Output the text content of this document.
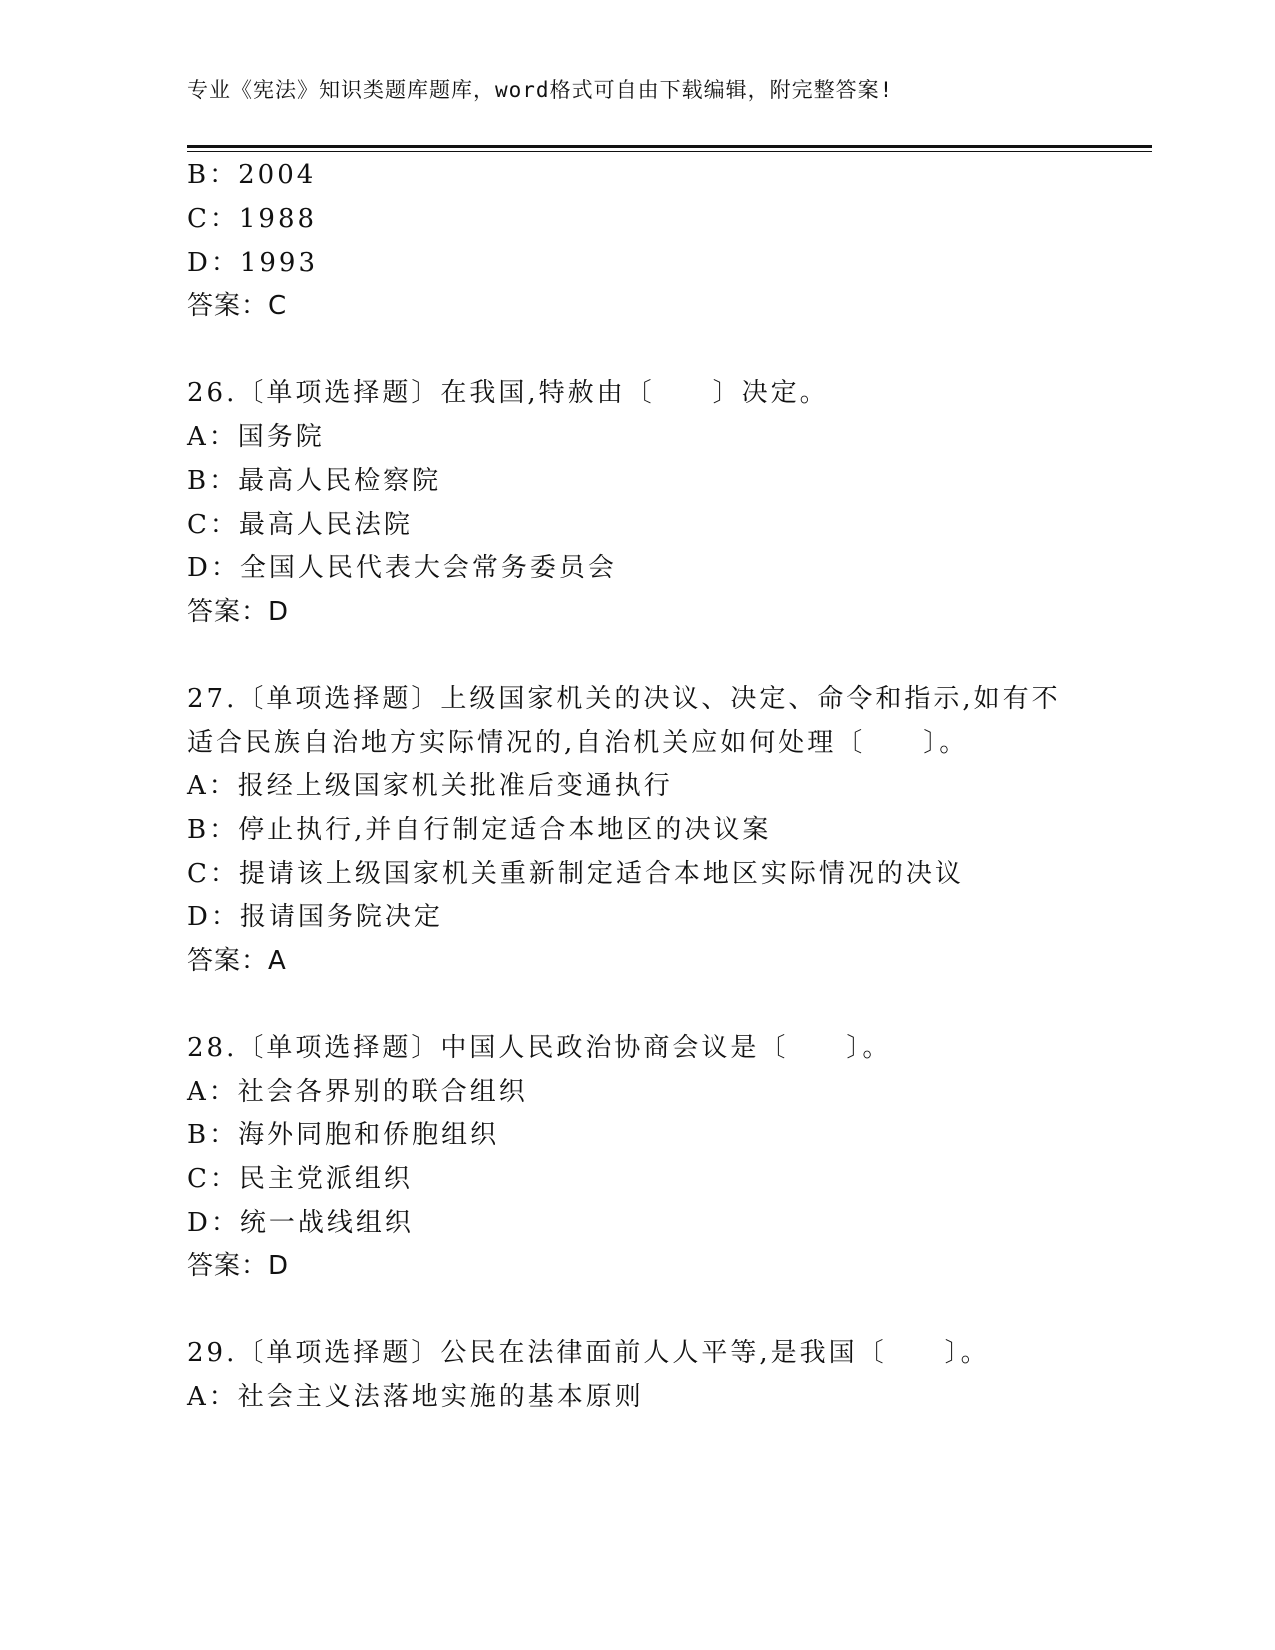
专业《宪法》知识类题库题库，word格式可自由下载编辑，附完整答案!
B：2004
C：1988
D：1993
答案：C
26.〔单项选择题〕在我国,特赦由〔　　〕决定。
A：国务院
B：最高人民检察院
C：最高人民法院
D：全国人民代表大会常务委员会
答案：D
27.〔单项选择题〕上级国家机关的决议、决定、命令和指示,如有不
适合民族自治地方实际情况的,自治机关应如何处理〔　　〕。
A：报经上级国家机关批准后变通执行
B：停止执行,并自行制定适合本地区的决议案
C：提请该上级国家机关重新制定适合本地区实际情况的决议
D：报请国务院决定
答案：A
28.〔单项选择题〕中国人民政治协商会议是〔　　〕。
A：社会各界别的联合组织
B：海外同胞和侨胞组织
C：民主党派组织
D：统一战线组织
答案：D
29.〔单项选择题〕公民在法律面前人人平等,是我国〔　　〕。
A：社会主义法落地实施的基本原则
